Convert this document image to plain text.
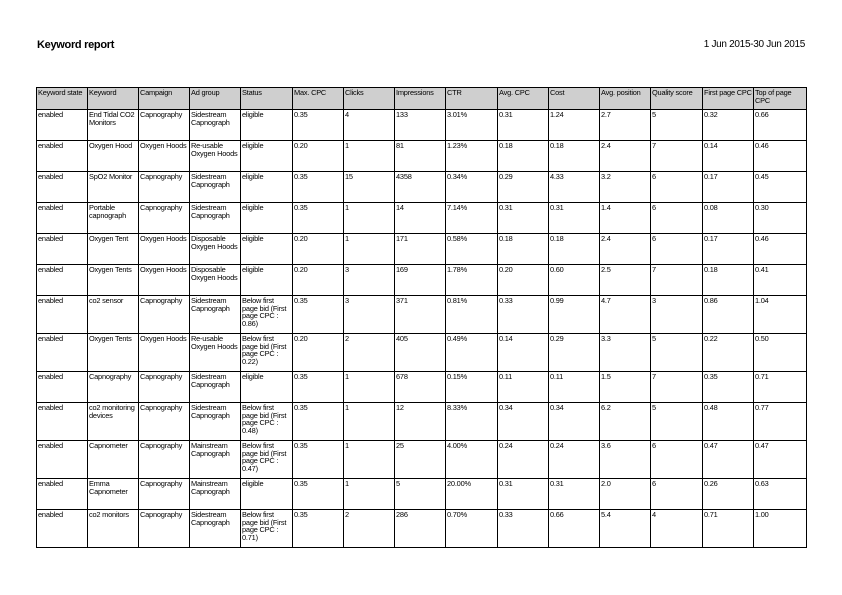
Keyword report	1 Jun 2015-30 Jun 2015
Keyword state	Keyword	Campaign	Ad group	Status	Max. CPC	Clicks	Impressions	CTR	Avg. CPC	Cost	Avg. position	Quality score	First page CPC	Top of page CPC
enabled	End Tidal CO2 Monitors	Capnography	Sidestream Capnograph	eligible	0.35	4	133	3.01%	0.31	1.24	2.7	5	0.32	0.66
enabled	Oxygen Hood	Oxygen Hoods	Re-usable Oxygen Hoods	eligible	0.20	1	81	1.23%	0.18	0.18	2.4	7	0.14	0.46
enabled	SpO2 Monitor	Capnography	Sidestream Capnograph	eligible	0.35	15	4358	0.34%	0.29	4.33	3.2	6	0.17	0.45
enabled	Portable capnograph	Capnography	Sidestream Capnograph	eligible	0.35	1	14	7.14%	0.31	0.31	1.4	6	0.08	0.30
enabled	Oxygen Tent	Oxygen Hoods	Disposable Oxygen Hoods	eligible	0.20	1	171	0.58%	0.18	0.18	2.4	6	0.17	0.46
enabled	Oxygen Tents	Oxygen Hoods	Disposable Oxygen Hoods	eligible	0.20	3	169	1.78%	0.20	0.60	2.5	7	0.18	0.41
enabled	co2 sensor	Capnography	Sidestream Capnograph	Below first page bid (First page CPC : 0.86)	0.35	3	371	0.81%	0.33	0.99	4.7	3	0.86	1.04
enabled	Oxygen Tents	Oxygen Hoods	Re-usable Oxygen Hoods	Below first page bid (First page CPC : 0.22)	0.20	2	405	0.49%	0.14	0.29	3.3	5	0.22	0.50
enabled	Capnography	Capnography	Sidestream Capnograph	eligible	0.35	1	678	0.15%	0.11	0.11	1.5	7	0.35	0.71
enabled	co2 monitoring devices	Capnography	Sidestream Capnograph	Below first page bid (First page CPC : 0.48)	0.35	1	12	8.33%	0.34	0.34	6.2	5	0.48	0.77
enabled	Capnometer	Capnography	Mainstream Capnograph	Below first page bid (First page CPC : 0.47)	0.35	1	25	4.00%	0.24	0.24	3.6	6	0.47	0.47
enabled	Emma Capnometer	Capnography	Mainstream Capnograph	eligible	0.35	1	5	20.00%	0.31	0.31	2.0	6	0.26	0.63
enabled	co2 monitors	Capnography	Sidestream Capnograph	Below first page bid (First page CPC : 0.71)	0.35	2	286	0.70%	0.33	0.66	5.4	4	0.71	1.00
